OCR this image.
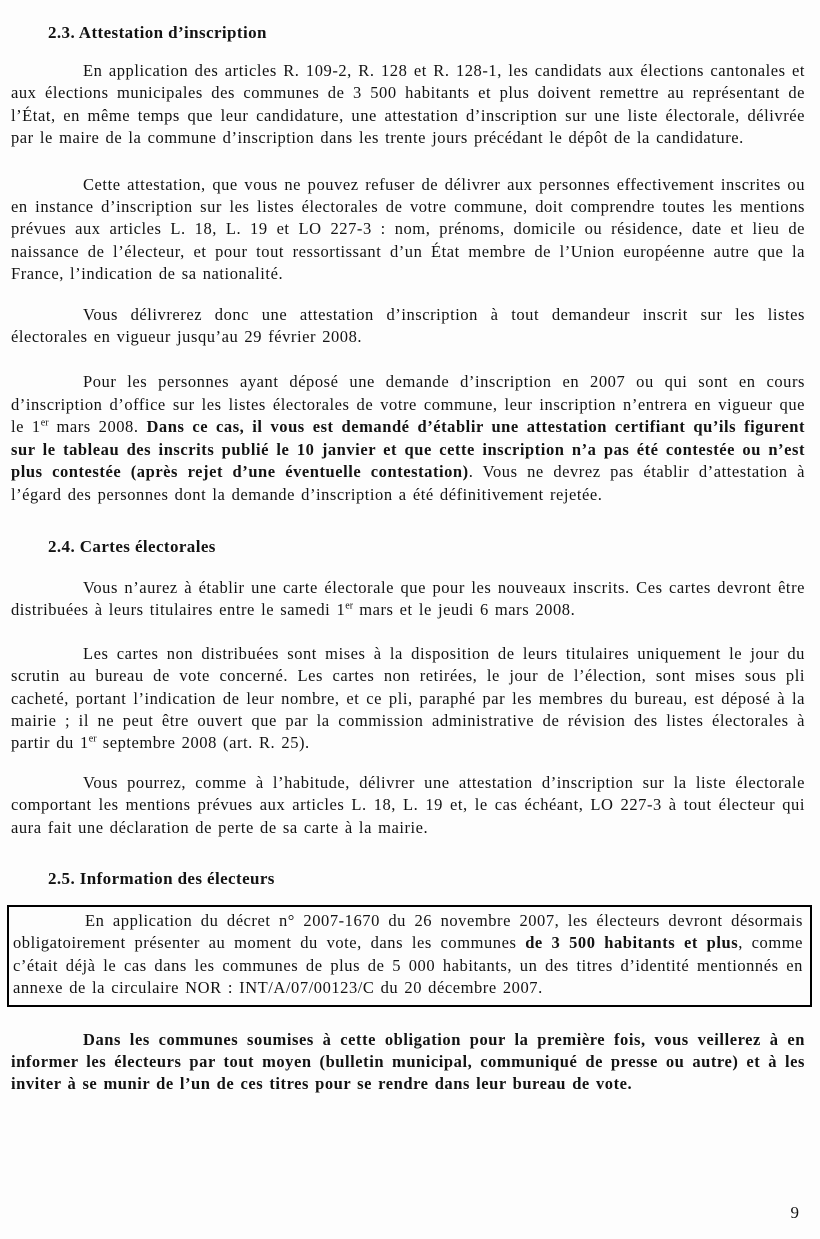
2.3. Attestation d’inscription

En application des articles R. 109-2, R. 128 et R. 128-1, les candidats aux élections cantonales et aux élections municipales des communes de 3 500 habitants et plus doivent remettre au représentant de l’État, en même temps que leur candidature, une attestation d’inscription sur une liste électorale, délivrée par le maire de la commune d’inscription dans les trente jours précédant le dépôt de la candidature.

Cette attestation, que vous ne pouvez refuser de délivrer aux personnes effectivement inscrites ou en instance d’inscription sur les listes électorales de votre commune, doit comprendre toutes les mentions prévues aux articles L. 18, L. 19 et LO 227-3 : nom, prénoms, domicile ou résidence, date et lieu de naissance de l’électeur, et pour tout ressortissant d’un État membre de l’Union européenne autre que la France, l’indication de sa nationalité.

Vous délivrerez donc une attestation d’inscription à tout demandeur inscrit sur les listes électorales en vigueur jusqu’au 29 février 2008.

Pour les personnes ayant déposé une demande d’inscription en 2007 ou qui sont en cours d’inscription d’office sur les listes électorales de votre commune, leur inscription n’entrera en vigueur que le 1er mars 2008. Dans ce cas, il vous est demandé d’établir une attestation certifiant qu’ils figurent sur le tableau des inscrits publié le 10 janvier et que cette inscription n’a pas été contestée ou n’est plus contestée (après rejet d’une éventuelle contestation). Vous ne devrez pas établir d’attestation à l’égard des personnes dont la demande d’inscription a été définitivement rejetée.

2.4. Cartes électorales

Vous n’aurez à établir une carte électorale que pour les nouveaux inscrits. Ces cartes devront être distribuées à leurs titulaires entre le samedi 1er mars et le jeudi 6 mars 2008.

Les cartes non distribuées sont mises à la disposition de leurs titulaires uniquement le jour du scrutin au bureau de vote concerné. Les cartes non retirées, le jour de l’élection, sont mises sous pli cacheté, portant l’indication de leur nombre, et ce pli, paraphé par les membres du bureau, est déposé à la mairie ; il ne peut être ouvert que par la commission administrative de révision des listes électorales à partir du 1er septembre 2008 (art. R. 25).

Vous pourrez, comme à l’habitude, délivrer une attestation d’inscription sur la liste électorale comportant les mentions prévues aux articles L. 18, L. 19 et, le cas échéant, LO 227-3 à tout électeur qui aura fait une déclaration de perte de sa carte à la mairie.

2.5. Information des électeurs

En application du décret n° 2007-1670 du 26 novembre 2007, les électeurs devront désormais obligatoirement présenter au moment du vote, dans les communes de 3 500 habitants et plus, comme c’était déjà le cas dans les communes de plus de 5 000 habitants, un des titres d’identité mentionnés en annexe de la circulaire NOR : INT/A/07/00123/C du 20 décembre 2007.

Dans les communes soumises à cette obligation pour la première fois, vous veillerez à en informer les électeurs par tout moyen (bulletin municipal, communiqué de presse ou autre) et à les inviter à se munir de l’un de ces titres pour se rendre dans leur bureau de vote.

9
